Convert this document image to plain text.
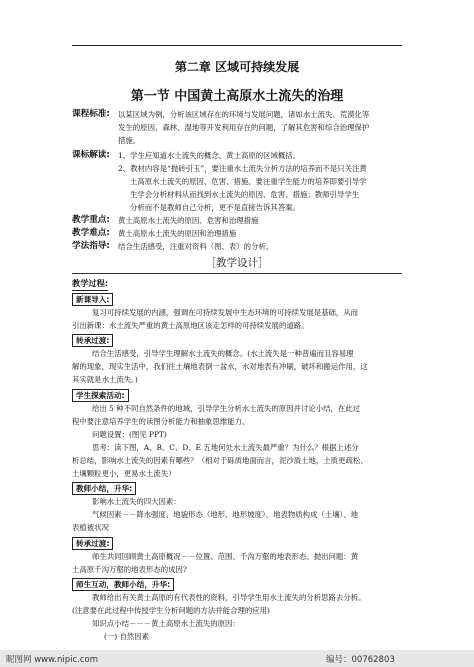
第二章 区域可持续发展
第一节 中国黄土高原水土流失的治理
课程标准: 以某区域为例，分析该区域存在的环境与发展问题，诸如水土流失、荒漠化等
发生的原因，森林、湿地等开发利用存在的问题，了解其危害和综合治理保护
措施。
课标解读: 1、学生应知道水土流失的概念，黄土高原的区域概括。
2、教材内容是“抛砖引玉”，要注重水土流失分析方法的培养而不是只关注黄
土高原水土流失的原因、危害、措施。要注重学生能力的培养即要引导学
生学会分析材料从而找到水土流失的原因、危害、措施；教师引导学生
分析而不是教师自己分析，更不是直接告诉其答案。
教学重点: 黄土高原水土流失的原因、危害和治理措施
教学难点: 黄土高原水土流失的原因和治理措施
学法指导: 结合生活感受，注重对资料（图、表）的分析。
［教学设计］
教学过程:
新课导入:
复习可持续发展的内涵，强调在可持续发展中生态环境的可持续发展是基础，从而
引出新课：水土流失严重的黄土高原地区该走怎样的可持续发展的道路。
转承过渡:
结合生活感受，引导学生理解水土流失的概念。(水土流失是一种普遍而且容易理
解的现象，现实生活中，我们往土壤地表倒一盆水，水对地表有冲刷，破坏和搬运作用，这
其实就是水土流失。)
学生探索活动:
给出 5 种不同自然条件的地域，引导学生分析水土流失的原因并讨论小结，在此过
程中要注意培养学生的读图分析能力和抽象思维能力。
问题设置：(图见 PPT)
思考：读下图，A、B、C、D、E 五地何处水土流失最严重？为什么？根据上述分
析总结，影响水土流失的因素有哪些？（相对于砾质地面而言，泥沙质土地，土质更疏松、
土壤颗粒更小，更易水土流失）
教师小结，升华:
影响水土流失的四大因素：
气候因素－－降水强度、地貌形态（地形、地形坡度）、地表物质构成（土壤）、地
表植被状况
转承过渡:
师生共同回顾黄土高原概况－－位置、范围、千沟万壑的地表形态。抛出问题：黄
土高原千沟万壑的地表形态的成因?
师生互动，教师小结，升华:
教师给出有关黄土高原的有代表性的资料，引导学生用水土流失的分析思路去分析。
(注意要在此过程中传授学生分析问题的方法并能合理的应用)
知识点小结－－－黄土高原水土流失的原因：
(一) 自然因素
昵图网 www.nipic.com	编号：00762803
